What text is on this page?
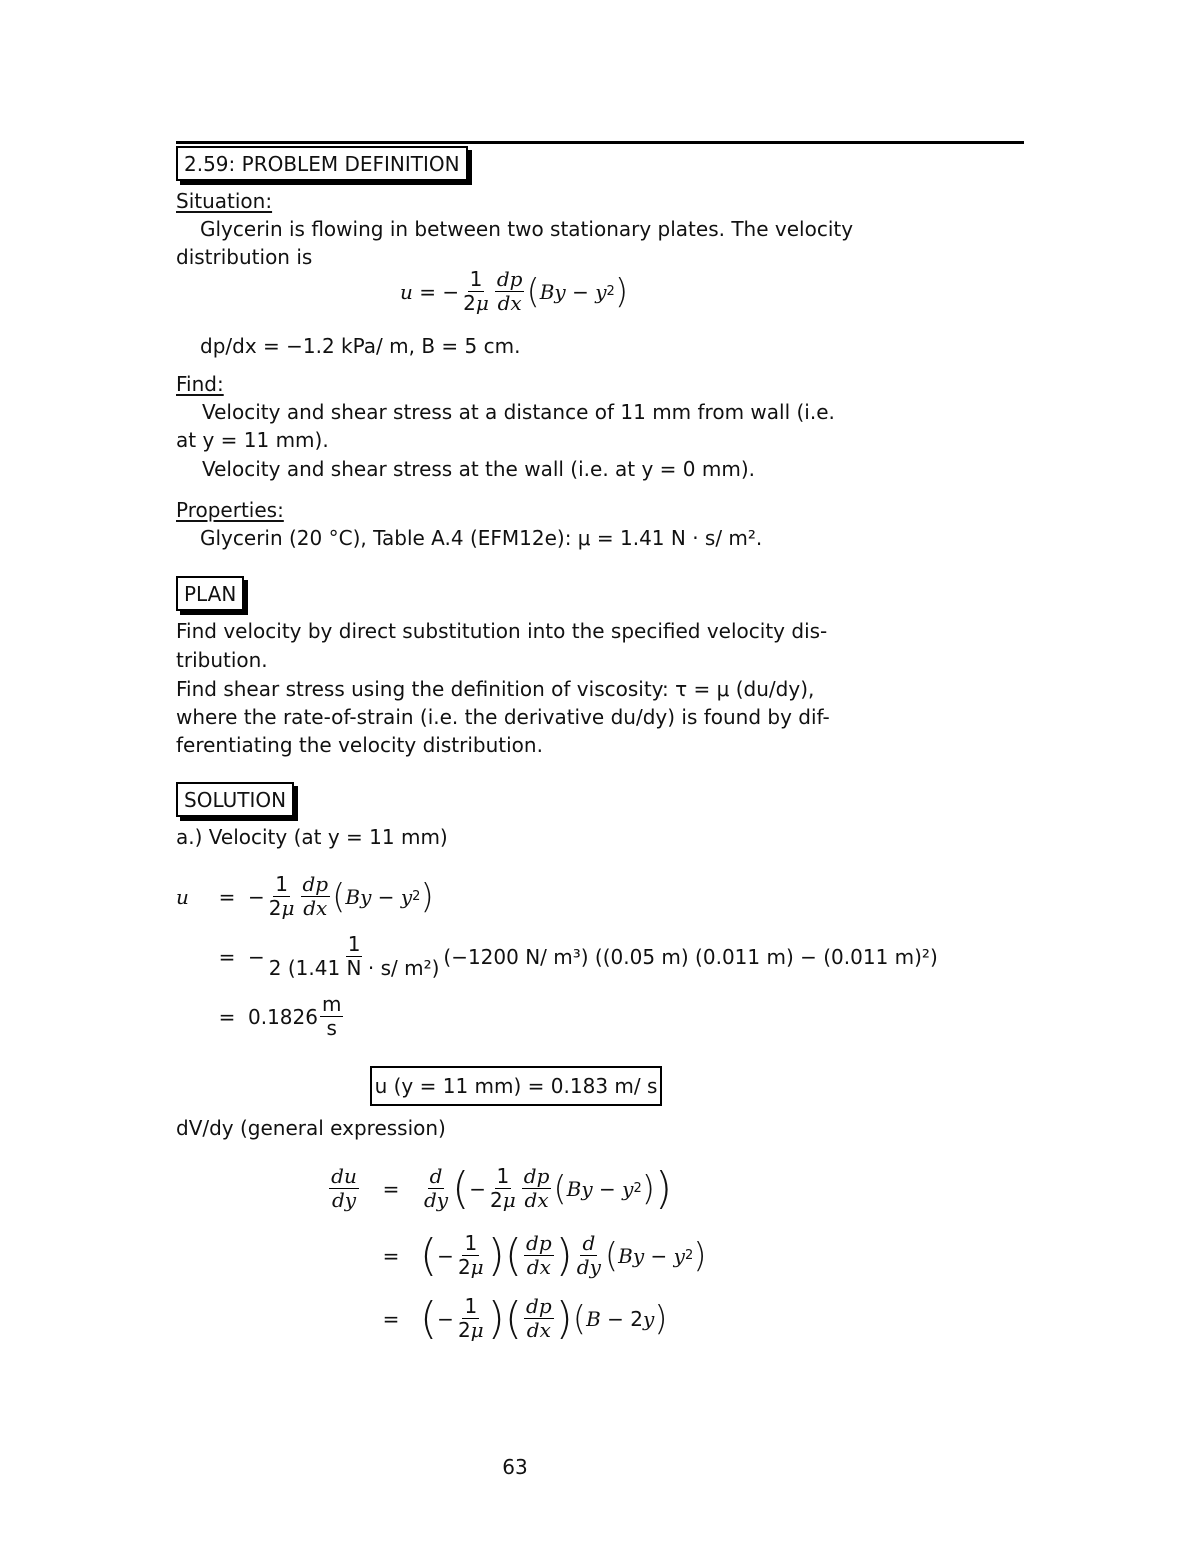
2.59: PROBLEM DEFINITION
Situation:
Glycerin is flowing in between two stationary plates. The velocity
distribution is
u = − $\frac{1}{2\mu} \frac{dp}{dx}$ ( By − y 2 )
dp/dx = −1.2 kPa/ m, B = 5 cm.
Find:
Velocity and shear stress at a distance of 11 mm from wall (i.e.
at y = 11 mm).
Velocity and shear stress at the wall (i.e. at y = 0 mm).
Properties:
Glycerin (20 °C), Table A.4 (EFM12e): μ = 1.41 N · s/ m².
PLAN
Find velocity by direct substitution into the specified velocity dis-
tribution.
Find shear stress using the definition of viscosity: τ = μ (du/dy),
where the rate-of-strain (i.e. the derivative du/dy) is found by dif-
ferentiating the velocity distribution.
SOLUTION
a.) Velocity (at y = 11 mm)
u	= − $\frac{1}{2\mu} \frac{dp}{dx}$ ( By − y 2 )
= − $\frac{1}{\text{2 (1.41 N · s/ m²)}} (-1200$ N/ m³) ((0.05 m) (0.011 m) − (0.011 m)²)
= $0.1826 \frac{m}{s}$
u (y = 11 mm) = 0.183 m/ s
dV/dy (general expression)
$\frac{du}{dy}$	=	$\frac{d}{dy}$ ( − $\frac{1}{2\mu} \frac{dp}{dx}$ ( By − y 2 ) )
= ( − $\frac{1}{2\mu}$ ) ( $\frac{dp}{dx}$ ) $\frac{d}{dy}$ ( By − y 2 )
= ( − $\frac{1}{2\mu}$ ) ( $\frac{dp}{dx}$ ) ( B − 2 y )
63
